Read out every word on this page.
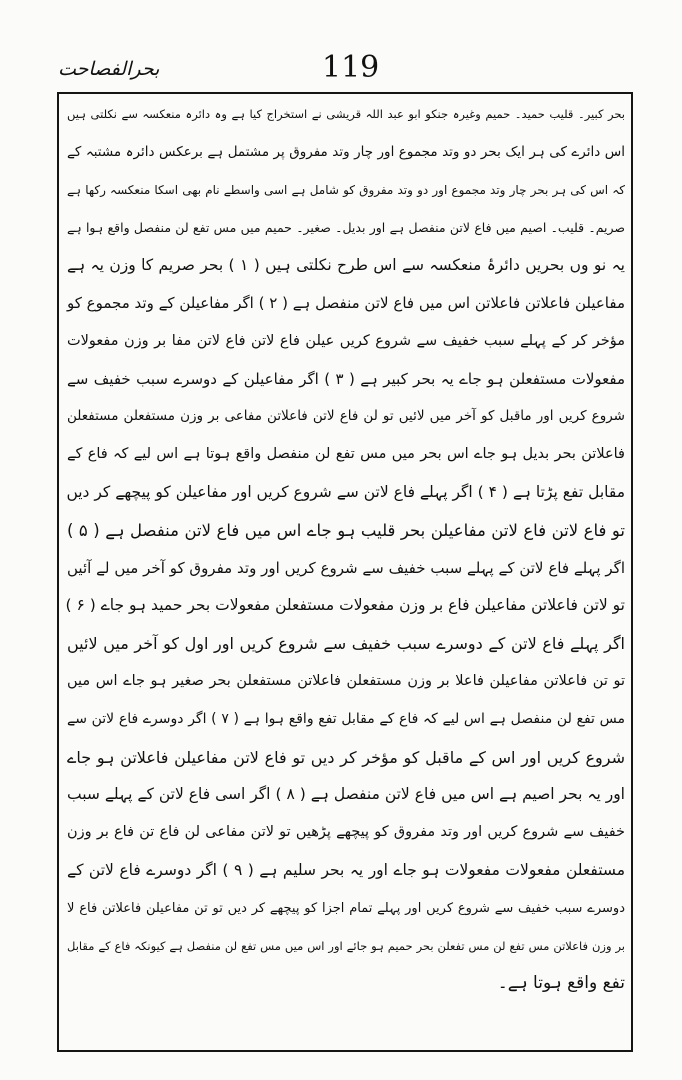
بحرالفصاحت	119
بحر کبیر۔ قلیب حمید۔ حمیم وغیرہ جنکو ابو عبد اللہ قریشی نے استخراج کیا ہے وہ دائرہ منعکسہ سے نکلتی ہیں
اس دائرے کی ہر ایک بحر دو وتد مجموع اور چار وتد مفروق پر مشتمل ہے برعکس دائرہ مشتبہ کے
کہ اس کی ہر بحر چار وتد مجموع اور دو وتد مفروق کو شامل ہے اسی واسطے نام بھی اسکا منعکسہ رکھا ہے
صریم۔ قلیب۔ اصیم میں فاع لاتن منفصل ہے اور بدیل۔ صغیر۔ حمیم میں مس تفع لن منفصل واقع ہوا ہے
یہ نو وں بحریں دائرۂ منعکسہ سے اس طرح نکلتی ہیں ( ۱ ) بحر صریم کا وزن یہ ہے
مفاعیلن فاعلاتن فاعلاتن اس میں فاع لاتن منفصل ہے ( ۲ ) اگر مفاعیلن کے وتد مجموع کو
مؤخر کر کے پہلے سبب خفیف سے شروع کریں عیلن فاع لاتن فاع لاتن مفا بر وزن مفعولات
مفعولات مستفعلن ہو جاے یہ بحر کبیر ہے ( ۳ ) اگر مفاعیلن کے دوسرے سبب خفیف سے
شروع کریں اور ماقبل کو آخر میں لائیں تو لن فاع لاتن فاعلاتن مفاعی بر وزن مستفعلن مستفعلن
فاعلاتن بحر بدیل ہو جاے اس بحر میں مس تفع لن منفصل واقع ہوتا ہے اس لیے کہ فاع کے
مقابل تفع پڑتا ہے ( ۴ ) اگر پہلے فاع لاتن سے شروع کریں اور مفاعیلن کو پیچھے کر دیں
تو فاع لاتن فاع لاتن مفاعیلن بحر قلیب ہو جاے اس میں فاع لاتن منفصل ہے ( ۵ )
اگر پہلے فاع لاتن کے پہلے سبب خفیف سے شروع کریں اور وتد مفروق کو آخر میں لے آئیں
تو لاتن فاعلاتن مفاعیلن فاع بر وزن مفعولات مستفعلن مفعولات بحر حمید ہو جاے ( ۶ )
اگر پہلے فاع لاتن کے دوسرے سبب خفیف سے شروع کریں اور اول کو آخر میں لائیں
تو تن فاعلاتن مفاعیلن فاعلا بر وزن مستفعلن فاعلاتن مستفعلن بحر صغیر ہو جاے اس میں
مس تفع لن منفصل ہے اس لیے کہ فاع کے مقابل تفع واقع ہوا ہے ( ۷ ) اگر دوسرے فاع لاتن سے
شروع کریں اور اس کے ماقبل کو مؤخر کر دیں تو فاع لاتن مفاعیلن فاعلاتن ہو جاے
اور یہ بحر اصیم ہے اس میں فاع لاتن منفصل ہے ( ۸ ) اگر اسی فاع لاتن کے پہلے سبب
خفیف سے شروع کریں اور وتد مفروق کو پیچھے پڑھیں تو لاتن مفاعی لن فاع تن فاع بر وزن
مستفعلن مفعولات مفعولات ہو جاے اور یہ بحر سلیم ہے ( ۹ ) اگر دوسرے فاع لاتن کے
دوسرے سبب خفیف سے شروع کریں اور پہلے تمام اجزا کو پیچھے کر دیں تو تن مفاعیلن فاعلاتن فاع لا
بر وزن فاعلاتن مس تفع لن مس تفعلن بحر حمیم ہو جائے اور اس میں مس تفع لن منفصل ہے کیونکہ فاع کے مقابل
تفع واقع ہوتا ہے۔
